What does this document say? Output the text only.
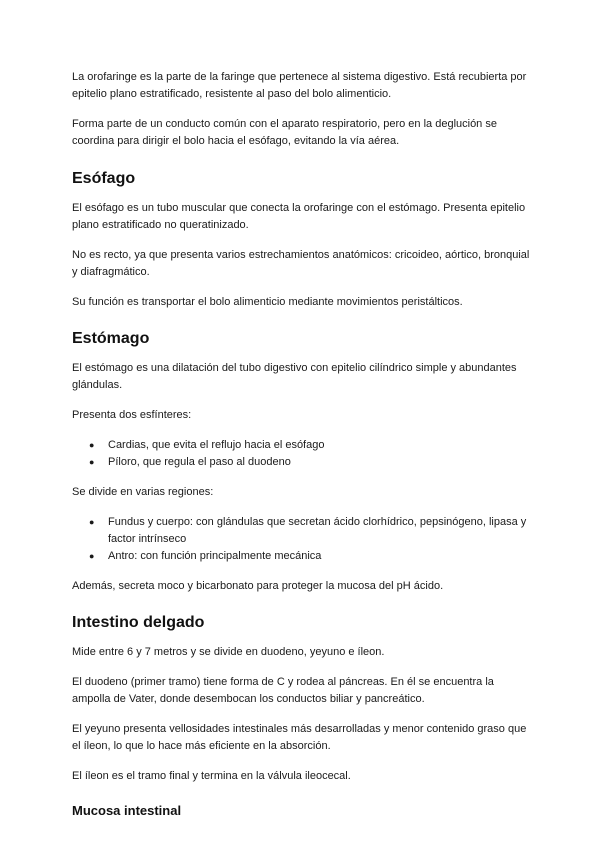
La orofaringe es la parte de la faringe que pertenece al sistema digestivo. Está recubierta por epitelio plano estratificado, resistente al paso del bolo alimenticio.

Forma parte de un conducto común con el aparato respiratorio, pero en la deglución se coordina para dirigir el bolo hacia el esófago, evitando la vía aérea.

Esófago

El esófago es un tubo muscular que conecta la orofaringe con el estómago. Presenta epitelio plano estratificado no queratinizado.

No es recto, ya que presenta varios estrechamientos anatómicos: cricoideo, aórtico, bronquial y diafragmático.

Su función es transportar el bolo alimenticio mediante movimientos peristálticos.

Estómago

El estómago es una dilatación del tubo digestivo con epitelio cilíndrico simple y abundantes glándulas.

Presenta dos esfínteres:

● Cardias, que evita el reflujo hacia el esófago
● Píloro, que regula el paso al duodeno

Se divide en varias regiones:

● Fundus y cuerpo: con glándulas que secretan ácido clorhídrico, pepsinógeno, lipasa y factor intrínseco
● Antro: con función principalmente mecánica

Además, secreta moco y bicarbonato para proteger la mucosa del pH ácido.

Intestino delgado

Mide entre 6 y 7 metros y se divide en duodeno, yeyuno e íleon.

El duodeno (primer tramo) tiene forma de C y rodea al páncreas. En él se encuentra la ampolla de Vater, donde desembocan los conductos biliar y pancreático.

El yeyuno presenta vellosidades intestinales más desarrolladas y menor contenido graso que el íleon, lo que lo hace más eficiente en la absorción.

El íleon es el tramo final y termina en la válvula ileocecal.

Mucosa intestinal
